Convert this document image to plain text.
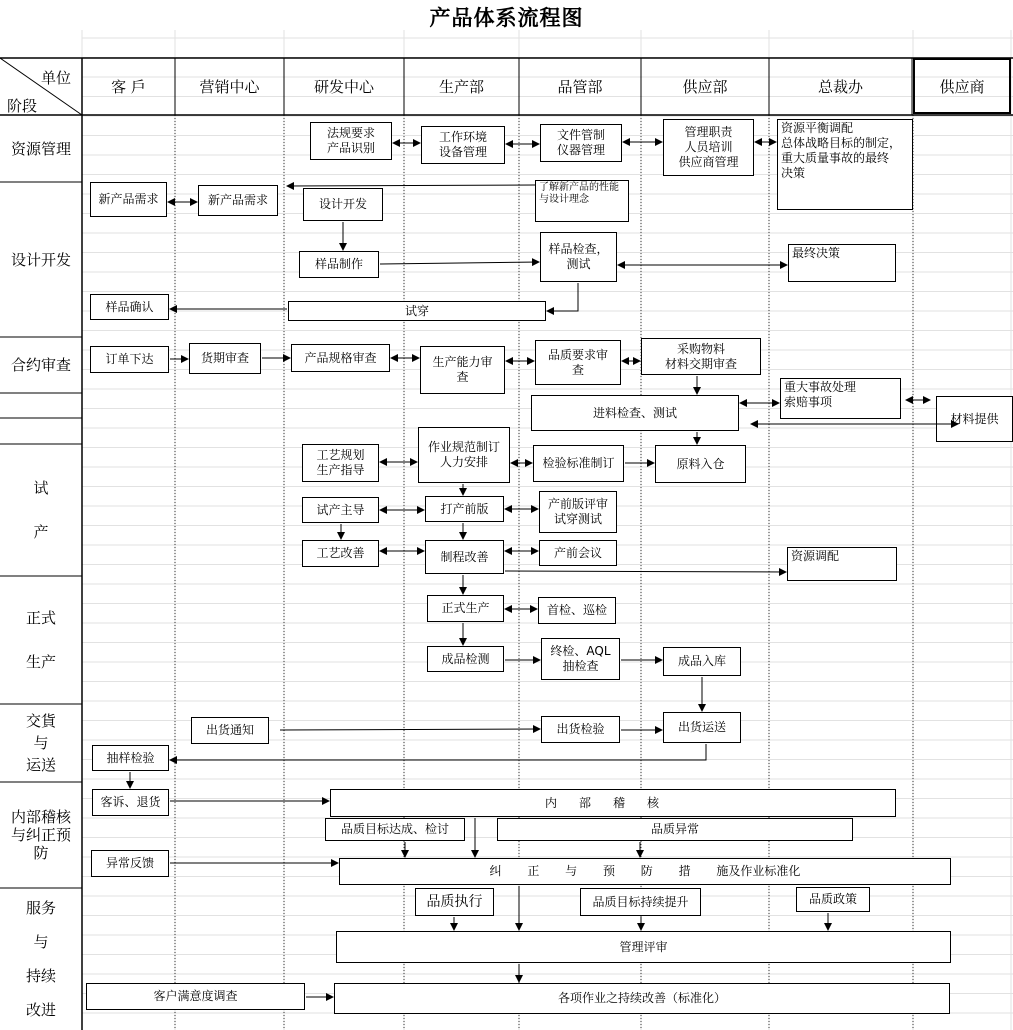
产品体系流程图
单位
阶段
客 戶	营销中心	研发中心	生产部	品管部	供应部	总裁办	供应商
资源管理
设计开发
合约审查
试

产
正式

生产
交貨
与
运送
内部稽核
与纠正预
防
服务

与

持续

改进
法规要求
产品识别
工作环境
设备管理
文件管制
仪器管理
管理职责
人员培训
供应商管理
资源平衡调配
总体战略目标的制定，
重大质量事故的最终
决策
新产品需求	新产品需求	设计开发
了解新产品的性能
与设计理念
样品制作
样品检查，
测试
最终决策
样品确认	试穿
订单下达	货期审查	产品规格审查	生产能力审
查
品质要求审
查
采购物料
材料交期审查
重大事故处理
索赔事项
进料检查、测试	材料提供
工艺规划
生产指导
作业规范制订
人力安排	检验标准制订	原料入仓
试产主导	打产前版	产前版评审
试穿测试
工艺改善	制程改善	产前会议	资源调配
正式生产	首检、巡检
成品检测
终检、AQL
抽检查	成品入库
出货通知	出货检验	出货运送
抽样检验
客诉、退货	内部稽核
品质目标达成、检讨	品质异常
异常反馈
纠 正 与 预 防 措 施及作业标准化
品质执行	品质目标持续提升	品质政策
管理评审
客户满意度调查	各项作业之持续改善（标准化）
